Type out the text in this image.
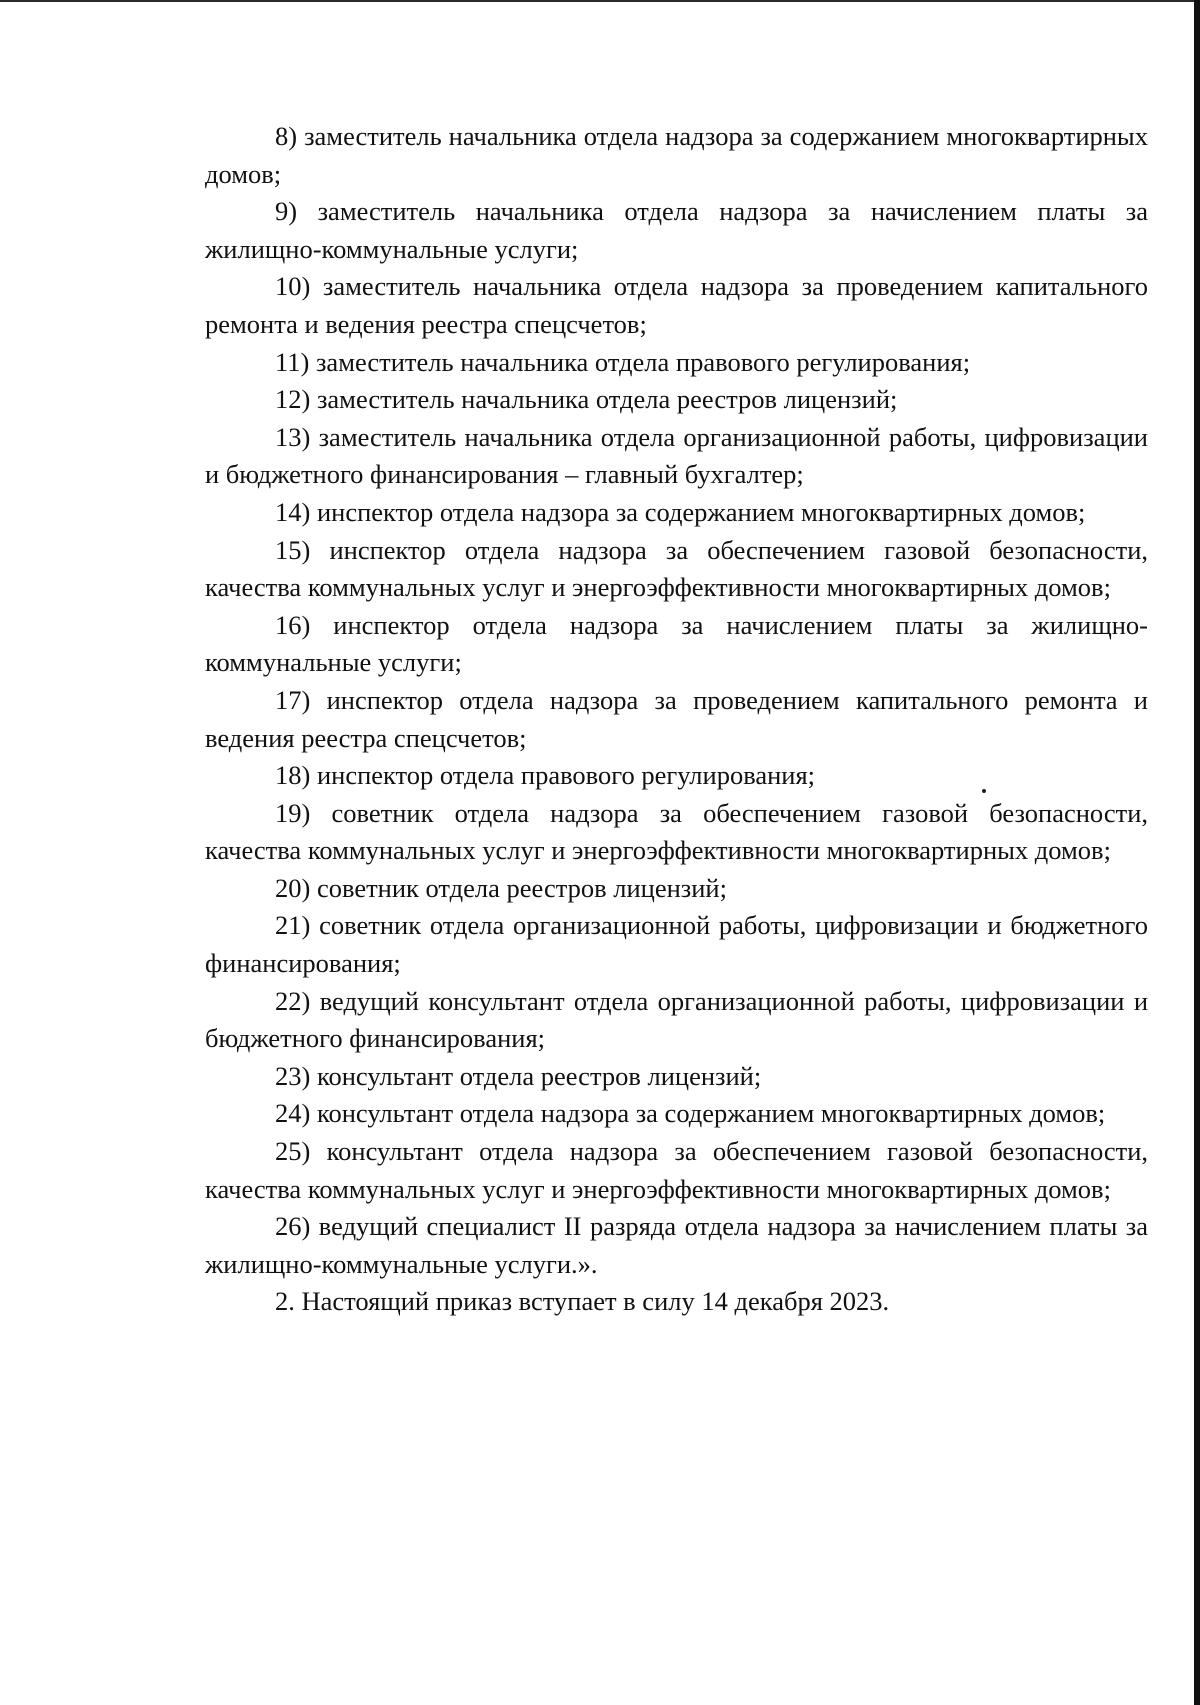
8) заместитель начальника отдела надзора за содержанием многоквартирных домов;

9) заместитель начальника отдела надзора за начислением платы за жилищно-коммунальные услуги;

10) заместитель начальника отдела надзора за проведением капитального ремонта и ведения реестра спецсчетов;

11) заместитель начальника отдела правового регулирования;

12) заместитель начальника отдела реестров лицензий;

13) заместитель начальника отдела организационной работы, цифровизации и бюджетного финансирования – главный бухгалтер;

14) инспектор отдела надзора за содержанием многоквартирных домов;

15) инспектор отдела надзора за обеспечением газовой безопасности, качества коммунальных услуг и энергоэффективности многоквартирных домов;

16) инспектор отдела надзора за начислением платы за жилищно-коммунальные услуги;

17) инспектор отдела надзора за проведением капитального ремонта и ведения реестра спецсчетов;

18) инспектор отдела правового регулирования;

19) советник отдела надзора за обеспечением газовой безопасности, качества коммунальных услуг и энергоэффективности многоквартирных домов;

20) советник отдела реестров лицензий;

21) советник отдела организационной работы, цифровизации и бюджетного финансирования;

22) ведущий консультант отдела организационной работы, цифровизации и бюджетного финансирования;

23) консультант отдела реестров лицензий;

24) консультант отдела надзора за содержанием многоквартирных домов;

25) консультант отдела надзора за обеспечением газовой безопасности, качества коммунальных услуг и энергоэффективности многоквартирных домов;

26) ведущий специалист II разряда отдела надзора за начислением платы за жилищно-коммунальные услуги.».

2. Настоящий приказ вступает в силу 14 декабря 2023.
